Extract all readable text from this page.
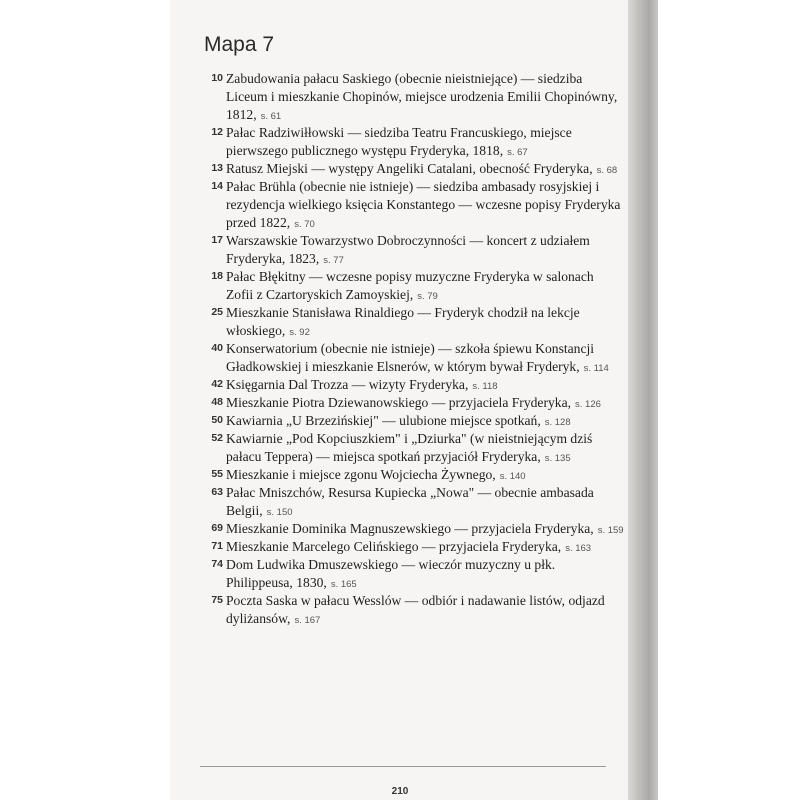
Mapa 7
10 Zabudowania pałacu Saskiego (obecnie nieistniejące) — siedziba Liceum i mieszkanie Chopinów, miejsce urodzenia Emilii Chopinówny, 1812, s. 61
12 Pałac Radziwiłłowski — siedziba Teatru Francuskiego, miejsce pierwszego publicznego występu Fryderyka, 1818, s. 67
13 Ratusz Miejski — występy Angeliki Catalani, obecność Fryderyka, s. 68
14 Pałac Brühla (obecnie nie istnieje) — siedziba ambasady rosyjskiej i rezydencja wielkiego księcia Konstantego — wczesne popisy Fryderyka przed 1822, s. 70
17 Warszawskie Towarzystwo Dobroczynności — koncert z udziałem Fryderyka, 1823, s. 77
18 Pałac Błękitny — wczesne popisy muzyczne Fryderyka w salonach Zofii z Czartoryskich Zamoyskiej, s. 79
25 Mieszkanie Stanisława Rinaldiego — Fryderyk chodził na lekcje włoskiego, s. 92
40 Konserwatorium (obecnie nie istnieje) — szkoła śpiewu Konstancji Gładkowskiej i mieszkanie Elsnerów, w którym bywał Fryderyk, s. 114
42 Księgarnia Dal Trozza — wizyty Fryderyka, s. 118
48 Mieszkanie Piotra Dziewanowskiego — przyjaciela Fryderyka, s. 126
50 Kawiarnia „U Brzezińskiej" — ulubione miejsce spotkań, s. 128
52 Kawiarnie „Pod Kopciuszkiem" i „Dziurka" (w nieistniejącym dziś pałacu Teppera) — miejsca spotkań przyjaciół Fryderyka, s. 135
55 Mieszkanie i miejsce zgonu Wojciecha Żywnego, s. 140
63 Pałac Mniszchów, Resursa Kupiecka „Nowa" — obecnie ambasada Belgii, s. 150
69 Mieszkanie Dominika Magnuszewskiego — przyjaciela Fryderyka, s. 159
71 Mieszkanie Marcelego Celińskiego — przyjaciela Fryderyka, s. 163
74 Dom Ludwika Dmuszewskiego — wieczór muzyczny u płk. Philippeusa, 1830, s. 165
75 Poczta Saska w pałacu Wesslów — odbiór i nadawanie listów, odjazd dyliżansów, s. 167
210
